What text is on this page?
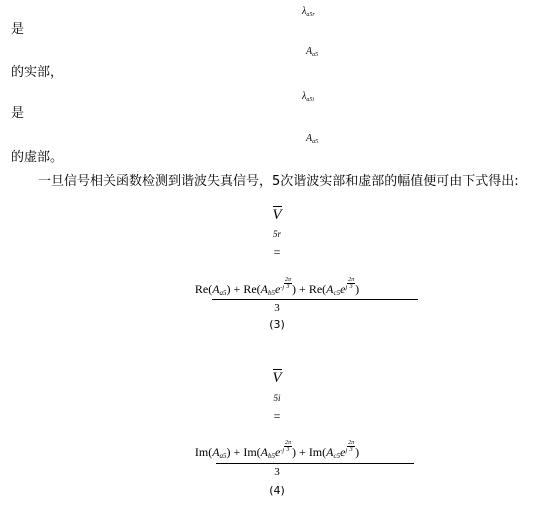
是
的实部，
是
的虚部。
一旦信号相关函数检测到谐波失真信号，5次谐波实部和虚部的幅值便可由下式得出:
$\lambda_{a5r}$
$A_{a5}$
$\lambda_{a5i}$
$A_{a5}$
V
5r
=
$Re(A_{a5}) + Re(A_{b5}e^{-j} \frac{2\pi}{3}$ ) + $Re(A_{c5}e^j \frac{2\pi}{3}$ )
3
(3)
V
5i
=
$Im(A_{a5}) + Im(A_{b5}e^{-j} \frac{2\pi}{3}$ ) + $Im(A_{c5}e^j \frac{2\pi}{3}$ )
3
(4)
